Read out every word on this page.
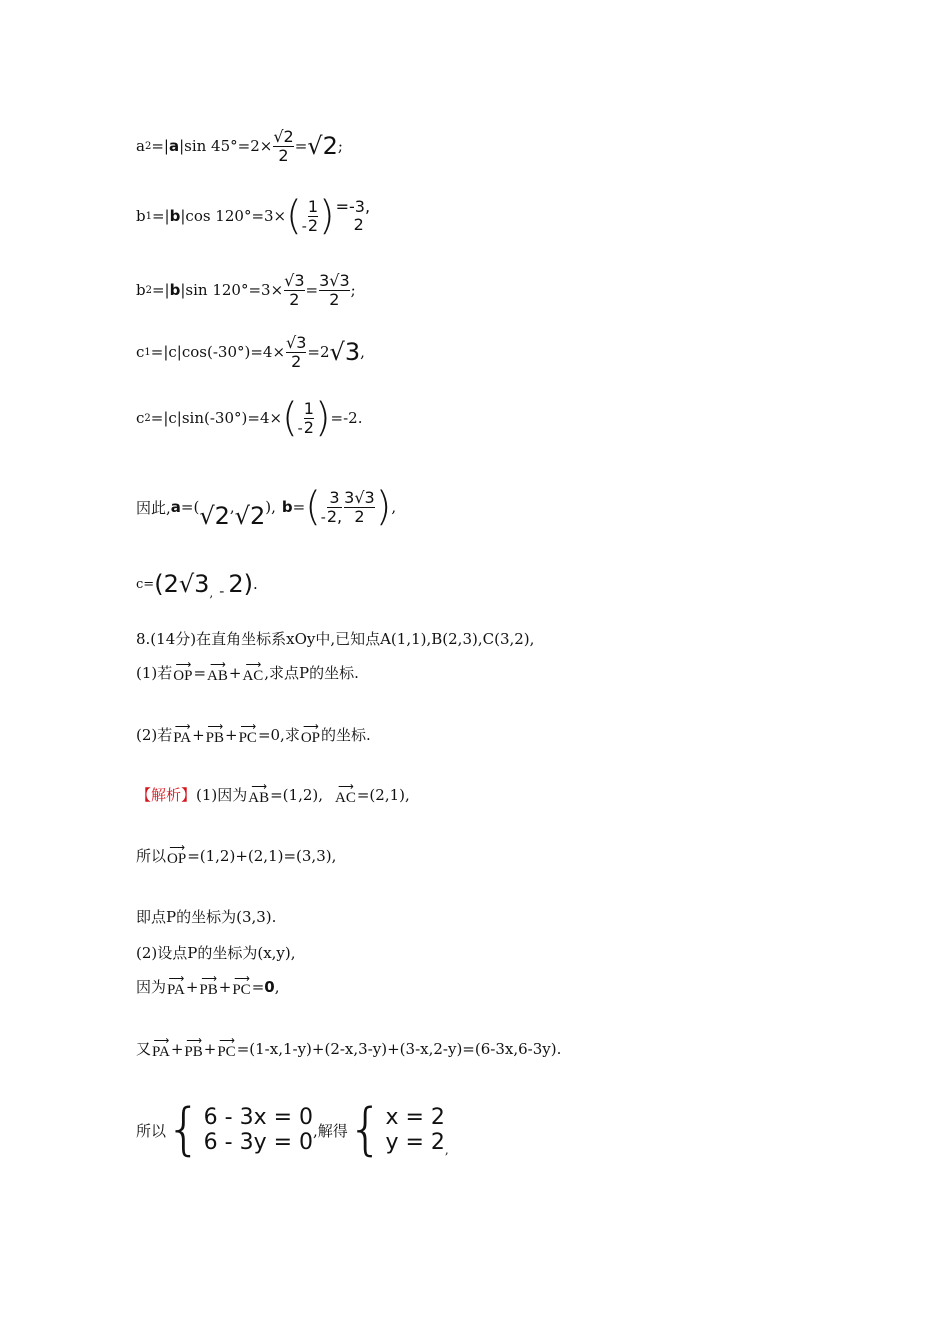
a 2 =| a |sin $45^\circ=2\times \frac{√2}{2} = √2$ ;
b 1 =| b |cos 120°=3× ( - $\frac{1}{2}$ ) =-3,
2
b 2 =| b |sin $120^\circ=3\times \frac{√3}{2} = \frac{3√3}{2}$ ;
c $1 =|c|\cos(-30^\circ)=4\times \frac{√3}{2} =2$ √3 ,
c 2 =|c|sin(-30°)=4× ( - $\frac{1}{2}$ ) =-2.
因此, a =( √2 , √2 ), b = ( - $\frac{3}{2,} \frac{3√3}{2}$ ) ,
c= ( 2√3 , - 2 ) .
8.(14分)在直角坐标系xOy中,已知点A(1,1),B(2,3),C(3,2),
(1)若 ⟶
OP = ⟶
AB + ⟶
AC ,求点P的坐标.
(2)若 ⟶
PA + ⟶
PB + ⟶
PC =0,求 ⟶
OP 的坐标.
【解析】 (1)因为 ⟶
AB =(1,2), ⟶
AC =(2,1),
所以 ⟶
OP =(1,2)+(2,1)=(3,3),
即点P的坐标为(3,3).
(2)设点P的坐标为(x,y),
因为 ⟶
PA + ⟶
PB + ⟶
PC = 0 ,
又 ⟶
PA + ⟶
PB + ⟶
PC =(1-x,1-y)+(2-x,3-y)+(3-x,2-y)=(6-3x,6-3y).
所以 { 6 - 3x = 0
6 - 3y = 0 ,解得 { x = 2
y = 2 ,
